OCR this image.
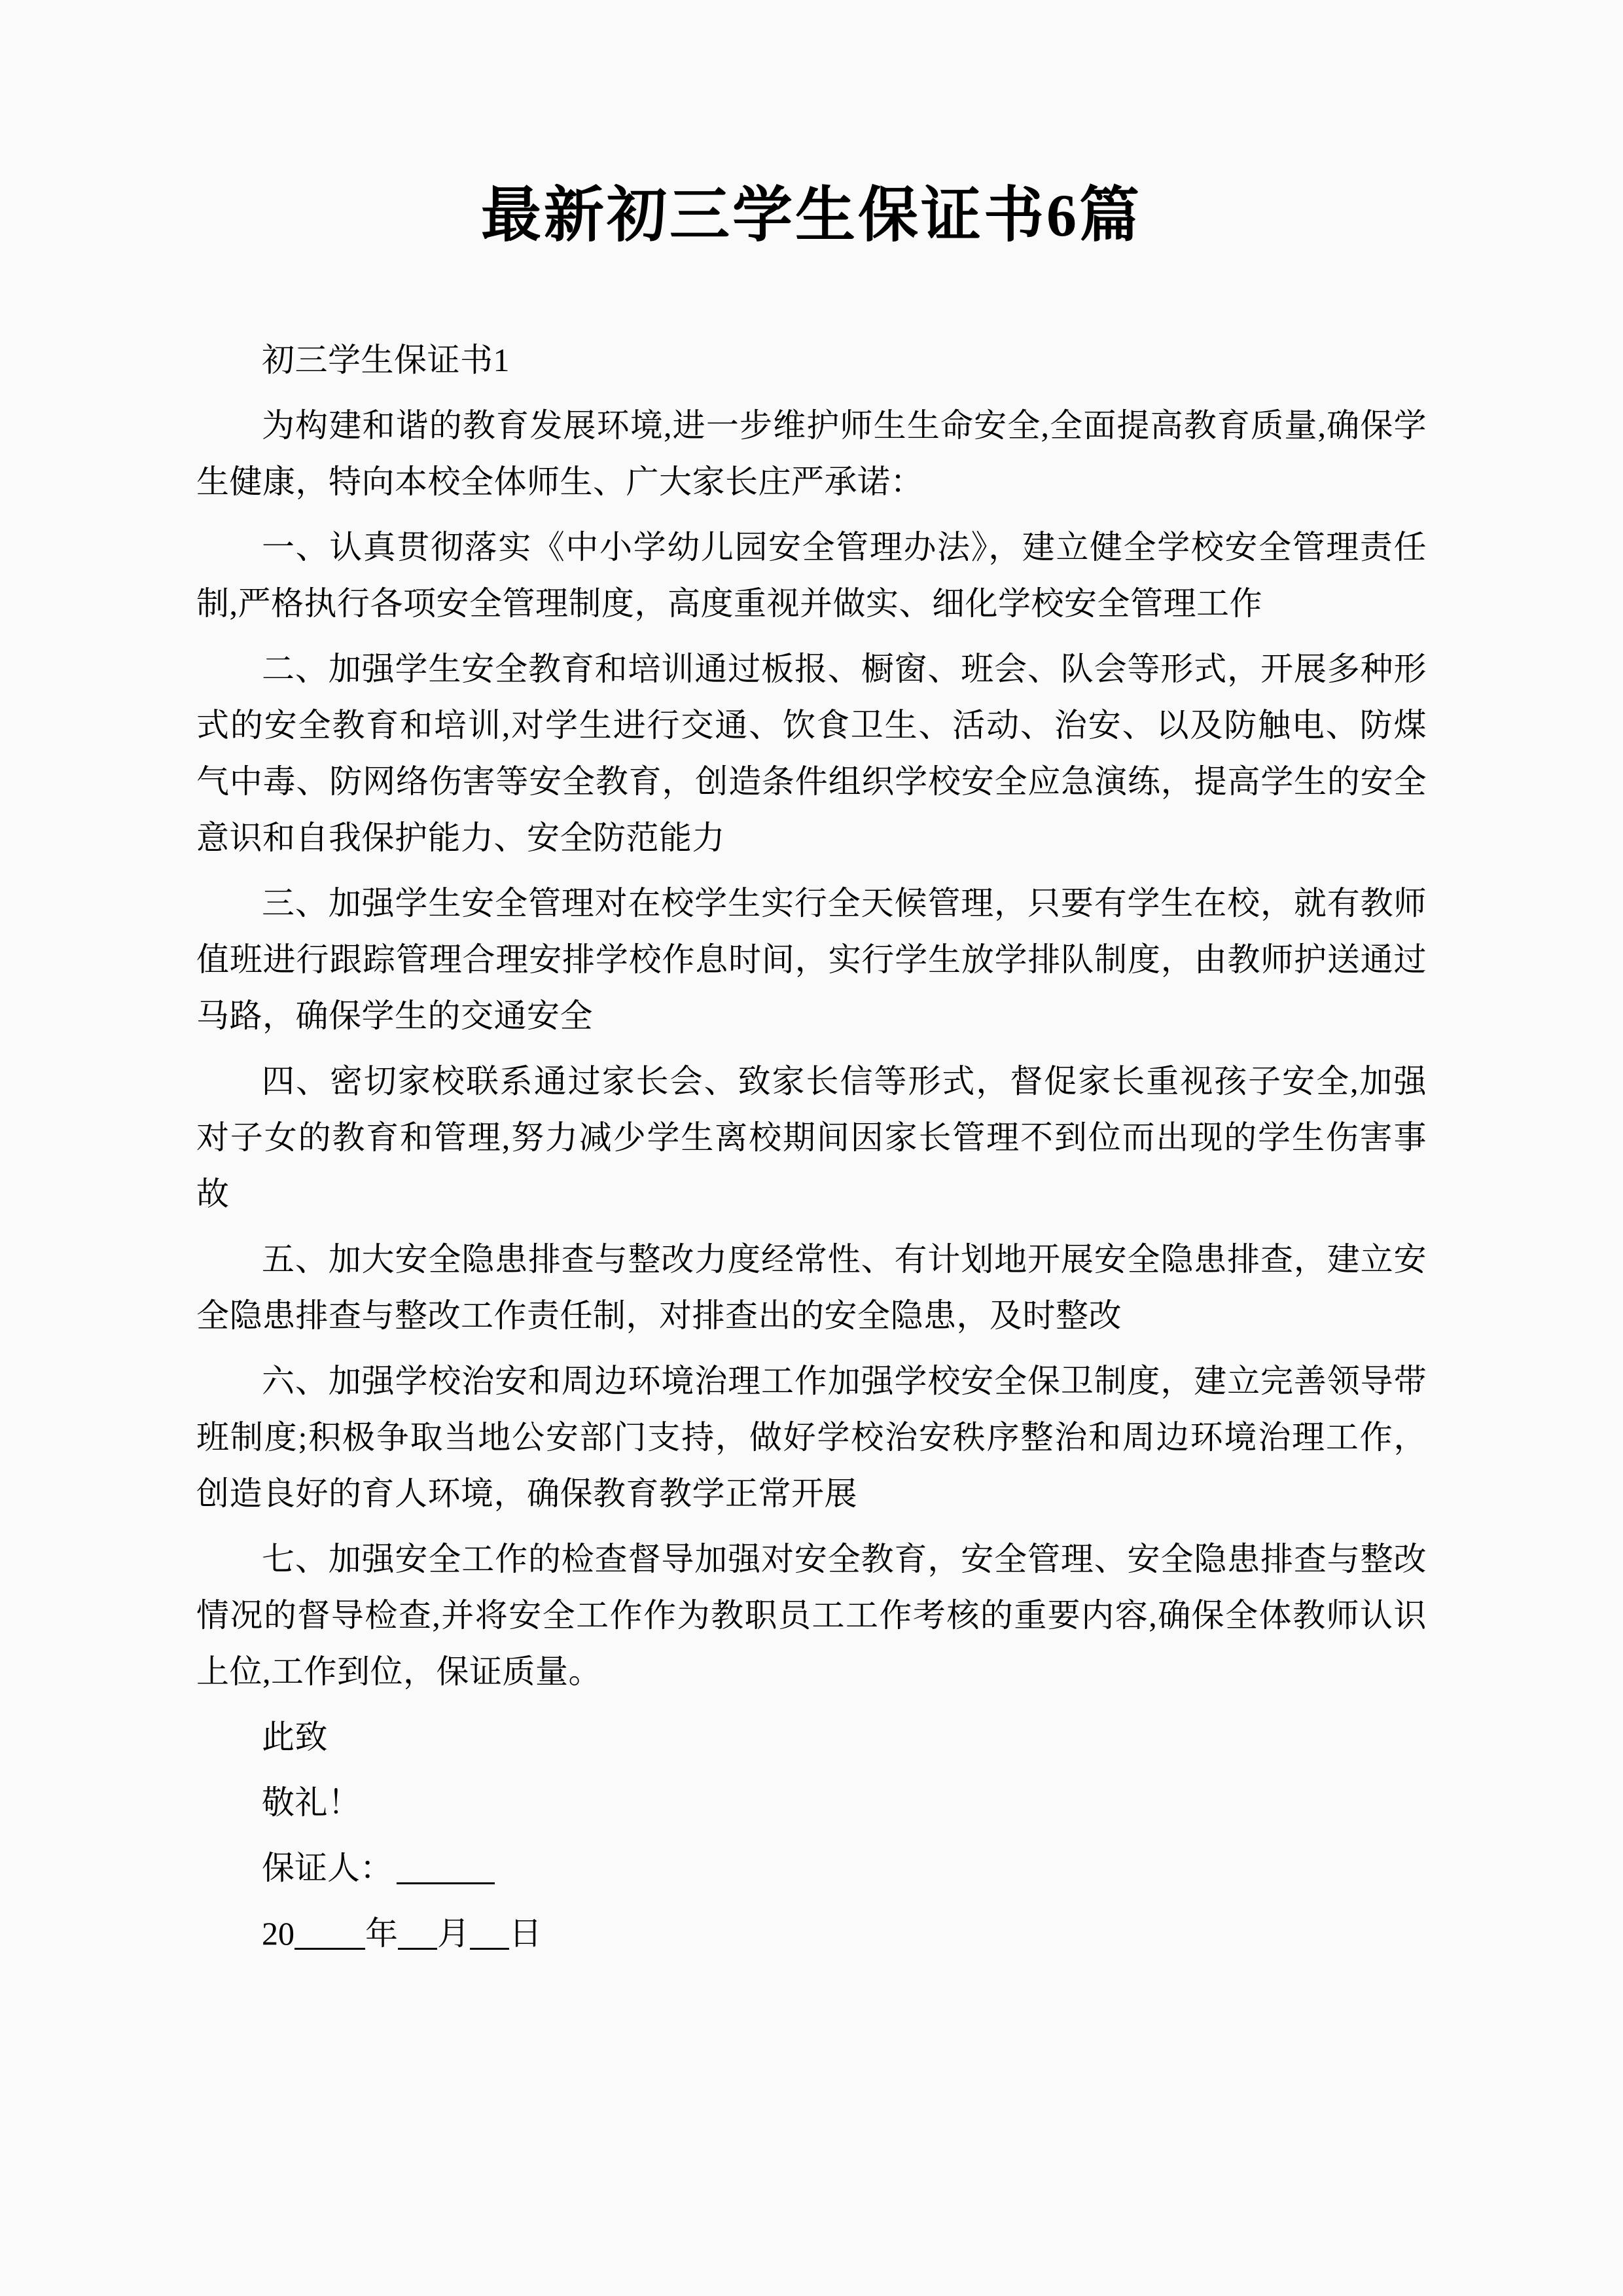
最新初三学生保证书6篇

初三学生保证书1

为构建和谐的教育发展环境,进一步维护师生生命安全,全面提高教育质量,确保学生健康，特向本校全体师生、广大家长庄严承诺：

一、认真贯彻落实《中小学幼儿园安全管理办法》，建立健全学校安全管理责任制,严格执行各项安全管理制度，高度重视并做实、细化学校安全管理工作

二、加强学生安全教育和培训通过板报、橱窗、班会、队会等形式，开展多种形式的安全教育和培训,对学生进行交通、饮食卫生、活动、治安、以及防触电、防煤气中毒、防网络伤害等安全教育，创造条件组织学校安全应急演练，提高学生的安全意识和自我保护能力、安全防范能力

三、加强学生安全管理对在校学生实行全天候管理，只要有学生在校，就有教师值班进行跟踪管理合理安排学校作息时间，实行学生放学排队制度，由教师护送通过马路，确保学生的交通安全

四、密切家校联系通过家长会、致家长信等形式，督促家长重视孩子安全,加强对子女的教育和管理,努力减少学生离校期间因家长管理不到位而出现的学生伤害事故

五、加大安全隐患排查与整改力度经常性、有计划地开展安全隐患排查，建立安全隐患排查与整改工作责任制，对排查出的安全隐患，及时整改

六、加强学校治安和周边环境治理工作加强学校安全保卫制度，建立完善领导带班制度;积极争取当地公安部门支持，做好学校治安秩序整治和周边环境治理工作，创造良好的育人环境，确保教育教学正常开展

七、加强安全工作的检查督导加强对安全教育，安全管理、安全隐患排查与整改情况的督导检查,并将安全工作作为教职员工工作考核的重要内容,确保全体教师认识上位,工作到位，保证质量。

此致

敬礼！

保证人：

20 年 月 日
